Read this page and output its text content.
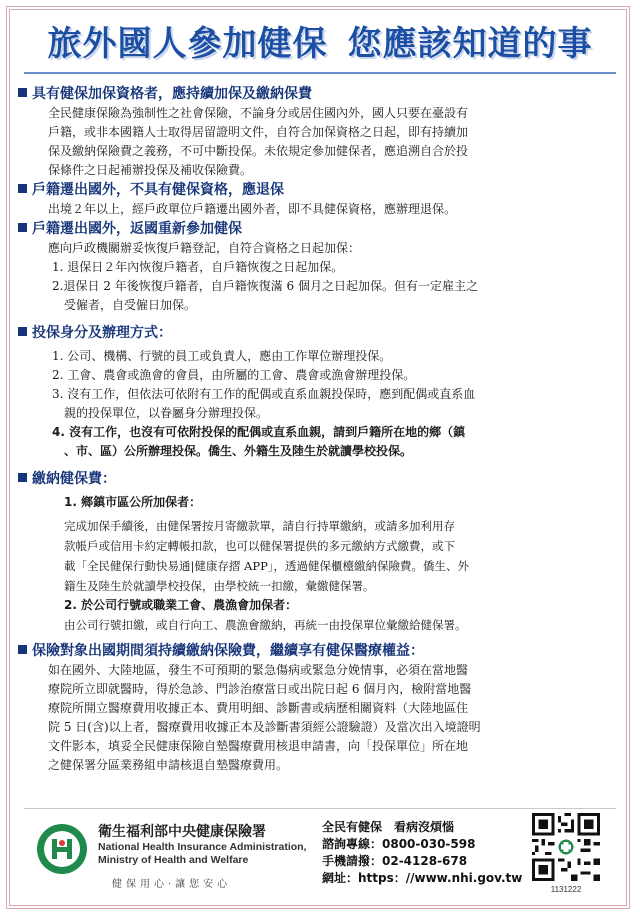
旅外國人參加健保 您應該知道的事
具有健保加保資格者，應持續加保及繳納保費
全民健康保險為強制性之社會保險，不論身分或居住國內外，國人只要在臺設有
戶籍，或非本國籍人士取得居留證明文件，自符合加保資格之日起，即有持續加
保及繳納保險費之義務，不可中斷投保。未依規定參加健保者，應追溯自合於投
保條件之日起補辦投保及補收保險費。
戶籍遷出國外，不具有健保資格，應退保
出境２年以上，經戶政單位戶籍遷出國外者，即不具健保資格，應辦理退保。
戶籍遷出國外，返國重新參加健保
應向戶政機關辦妥恢復戶籍登記，自符合資格之日起加保：
1. 退保日２年內恢復戶籍者，自戶籍恢復之日起加保。
2.退保日 2 年後恢復戶籍者，自戶籍恢復滿 6 個月之日起加保。但有一定雇主之
　受僱者，自受僱日加保。
投保身分及辦理方式：
1. 公司、機構、行號的員工或負責人，應由工作單位辦理投保。
2. 工會、農會或漁會的會員，由所屬的工會、農會或漁會辦理投保。
3. 沒有工作，但依法可依附有工作的配偶或直系血親投保時，應到配偶或直系血
　親的投保單位，以眷屬身分辦理投保。
4. 沒有工作，也沒有可依附投保的配偶或直系血親，請到戶籍所在地的鄉（鎮
　、市、區）公所辦理投保。僑生、外籍生及陸生於就讀學校投保。
繳納健保費：
1. 鄉鎮市區公所加保者：
完成加保手續後，由健保署按月寄繳款單，請自行持單繳納，或請多加利用存
款帳戶或信用卡約定轉帳扣款，也可以健保署提供的多元繳納方式繳費，或下
載「全民健保行動快易通|健康存摺 APP」，透過健保櫃檯繳納保險費。僑生、外
籍生及陸生於就讀學校投保，由學校統一扣繳，彙繳健保署。
2. 於公司行號或職業工會、農漁會加保者：
由公司行號扣繳，或自行向工、農漁會繳納，再統一由投保單位彙繳給健保署。
保險對象出國期間須持續繳納保險費，繼續享有健保醫療權益：
如在國外、大陸地區，發生不可預期的緊急傷病或緊急分娩情事，必須在當地醫
療院所立即就醫時，得於急診、門診治療當日或出院日起 6 個月內，檢附當地醫
療院所開立醫療費用收據正本、費用明細、診斷書或病歷相關資料（大陸地區住
院 5 日(含)以上者，醫療費用收據正本及診斷書須經公證驗證）及當次出入境證明
文件影本，填妥全民健康保險自墊醫療費用核退申請書，向「投保單位」所在地
之健保署分區業務組申請核退自墊醫療費用。
衛生福利部中央健康保險署
National Health Insurance Administration,
Ministry of Health and Welfare
健保用心·讓您安心
全民有健保　看病沒煩惱
諮詢專線：0800-030-598
手機請撥：02-4128-678
網址：https：//www.nhi.gov.tw
1131222
